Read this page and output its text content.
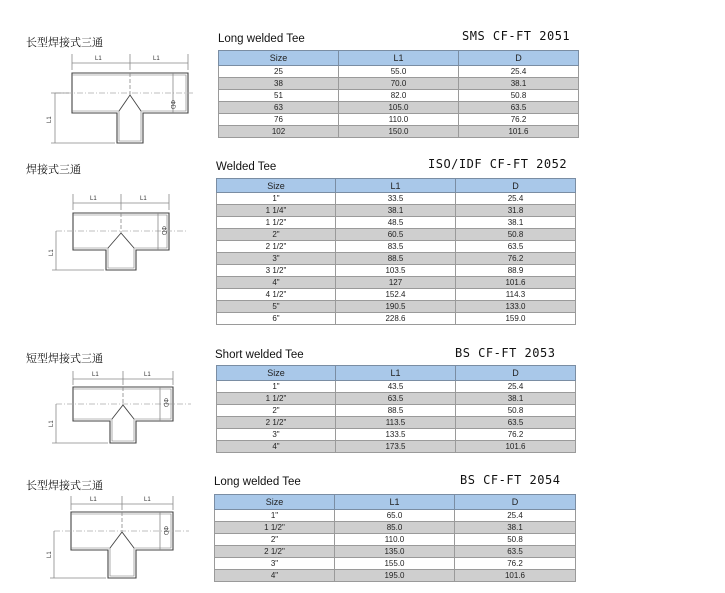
长型焊接式三通	Long welded Tee	SMS CF-FT 2051
L1	L1
ΦD
L1
Size	L1	D
25	55.0	25.4
38	70.0	38.1
51	82.0	50.8
63	105.0	63.5
76	110.0	76.2
102	150.0	101.6
焊接式三通	Welded Tee	ISO/IDF CF-FT 2052
L1	L1
ΦD
L1
Size	L1	D
1"	33.5	25.4
1 1/4"	38.1	31.8
1 1/2"	48.5	38.1
2"	60.5	50.8
2 1/2"	83.5	63.5
3"	88.5	76.2
3 1/2"	103.5	88.9
4"	127	101.6
4 1/2"	152.4	114.3
5"	190.5	133.0
6"	228.6	159.0
短型焊接式三通	Short welded Tee	BS CF-FT 2053
L1	L1
ΦD
L1
Size	L1	D
1"	43.5	25.4
1 1/2"	63.5	38.1
2"	88.5	50.8
2 1/2"	113.5	63.5
3"	133.5	76.2
4"	173.5	101.6
长型焊接式三通	Long welded Tee	BS CF-FT 2054
L1	L1
ΦD
L1
Size	L1	D
1"	65.0	25.4
1 1/2"	85.0	38.1
2"	110.0	50.8
2 1/2"	135.0	63.5
3"	155.0	76.2
4"	195.0	101.6
